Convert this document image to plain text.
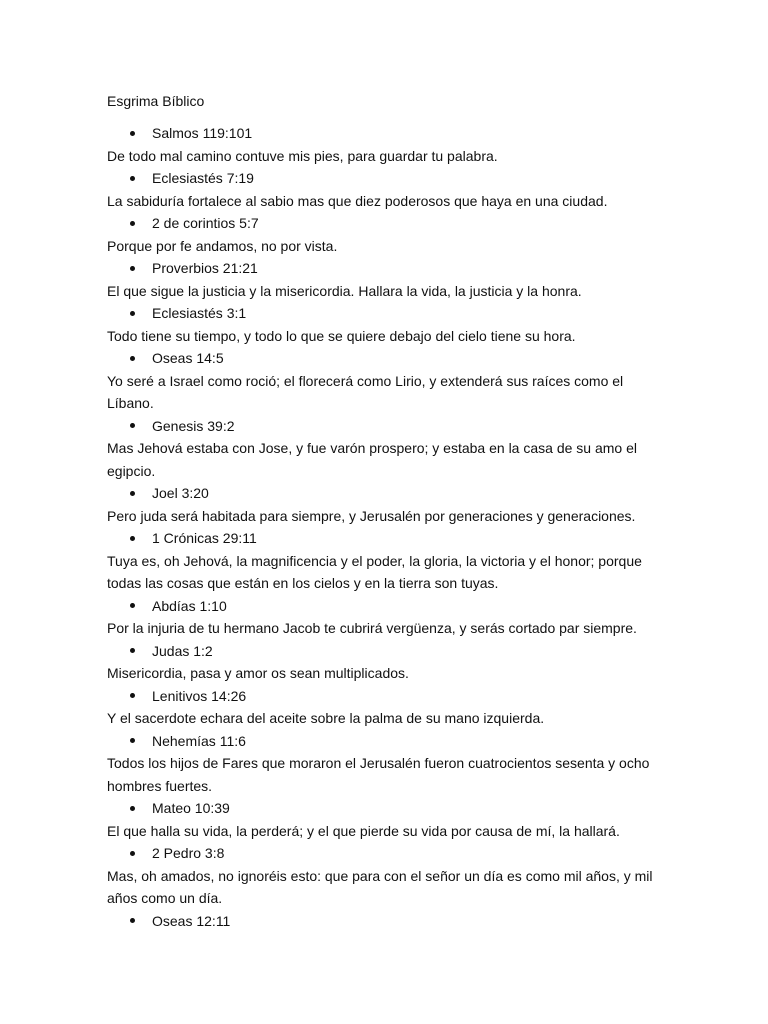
Esgrima Bíblico
Salmos 119:101

De todo mal camino contuve mis pies, para guardar tu palabra.

Eclesiastés 7:19

La sabiduría fortalece al sabio mas que diez poderosos que haya en una ciudad.

2 de corintios 5:7

Porque por fe andamos, no por vista.

Proverbios 21:21

El que sigue la justicia y la misericordia. Hallara la vida, la justicia y la honra.

Eclesiastés 3:1

Todo tiene su tiempo, y todo lo que se quiere debajo del cielo tiene su hora.

Oseas 14:5

Yo seré a Israel como roció; el florecerá como Lirio, y extenderá sus raíces como el Líbano.

Genesis 39:2

Mas Jehová estaba con Jose, y fue varón prospero; y estaba en la casa de su amo el egipcio.

Joel 3:20

Pero juda será habitada para siempre, y Jerusalén por generaciones y generaciones.

1 Crónicas 29:11

Tuya es, oh Jehová, la magnificencia y el poder, la gloria, la victoria y el honor; porque todas las cosas que están en los cielos y en la tierra son tuyas.

Abdías 1:10

Por la injuria de tu hermano Jacob te cubrirá vergüenza, y serás cortado par siempre.

Judas 1:2

Misericordia, pasa y amor os sean multiplicados.

Lenitivos 14:26

Y el sacerdote echara del aceite sobre la palma de su mano izquierda.

Nehemías 11:6

Todos los hijos de Fares que moraron el Jerusalén fueron cuatrocientos sesenta y ocho hombres fuertes.

Mateo 10:39

El que halla su vida, la perderá; y el que pierde su vida por causa de mí, la hallará.

2 Pedro 3:8

Mas, oh amados, no ignoréis esto: que para con el señor un día es como mil años, y mil años como un día.

Oseas 12:11
